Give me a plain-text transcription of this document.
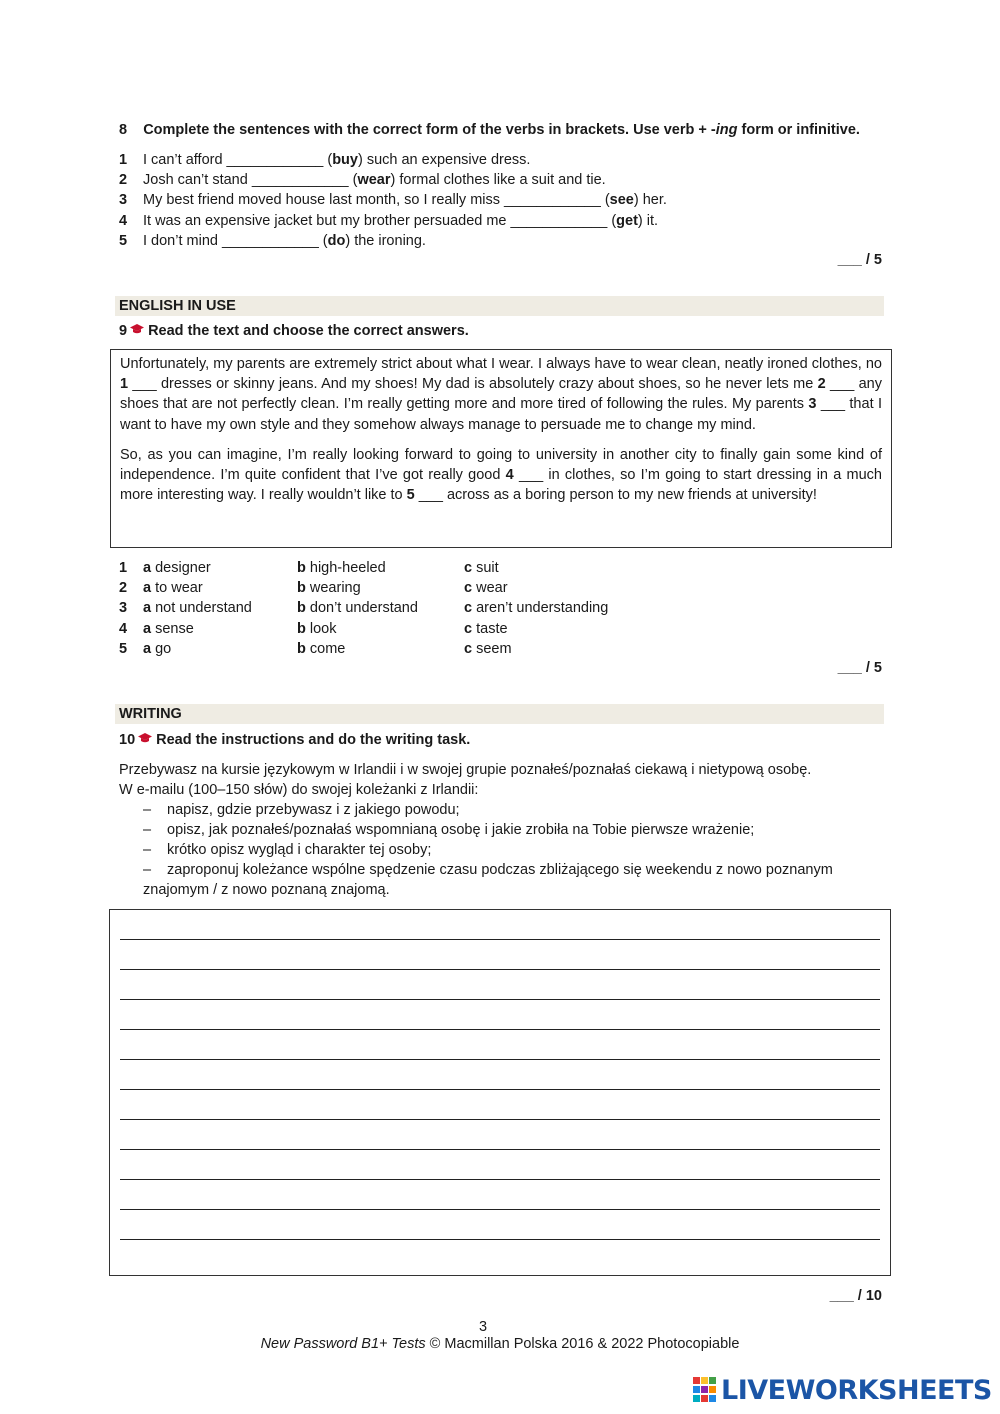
8 Complete the sentences with the correct form of the verbs in brackets. Use verb + -ing form or infinitive.
1 I can’t afford ____________ (buy) such an expensive dress.
2 Josh can’t stand ____________ (wear) formal clothes like a suit and tie.
3 My best friend moved house last month, so I really miss ____________ (see) her.
4 It was an expensive jacket but my brother persuaded me ____________ (get) it.
5 I don’t mind ____________ (do) the ironing.
___ / 5
ENGLISH IN USE
9 Read the text and choose the correct answers.

Unfortunately, my parents are extremely strict about what I wear. I always have to wear clean, neatly ironed clothes, no 1 ___ dresses or skinny jeans. And my shoes! My dad is absolutely crazy about shoes, so he never lets me 2 ___ any shoes that are not perfectly clean. I’m really getting more and more tired of following the rules. My parents 3 ___ that I want to have my own style and they somehow always manage to persuade me to change my mind.

So, as you can imagine, I’m really looking forward to going to university in another city to finally gain some kind of independence. I’m quite confident that I’ve got really good 4 ___ in clothes, so I’m going to start dressing in a much more interesting way. I really wouldn’t like to 5 ___ across as a boring person to my new friends at university!

1 a designer	b high-heeled	c suit
2 a to wear	b wearing	c wear
3 a not understand	b don’t understand	c aren’t understanding
4 a sense	b look	c taste
5 a go	b come	c seem
___ / 5
WRITING
10 Read the instructions and do the writing task.
Przebywasz na kursie językowym w Irlandii i w swojej grupie poznałeś/poznałaś ciekawą i nietypową osobę.
W e-mailu (100–150 słów) do swojej koleżanki z Irlandii:
– napisz, gdzie przebywasz i z jakiego powodu;
– opisz, jak poznałeś/poznałaś wspomnianą osobę i jakie zrobiła na Tobie pierwsze wrażenie;
– krótko opisz wygląd i charakter tej osoby;
– zaproponuj koleżance wspólne spędzenie czasu podczas zbliżającego się weekendu z nowo poznanym
znajomym / z nowo poznaną znajomą.
___ / 10
3
New Password B1+ Tests © Macmillan Polska 2016 & 2022 Photocopiable
LIVEWORKSHEETS
